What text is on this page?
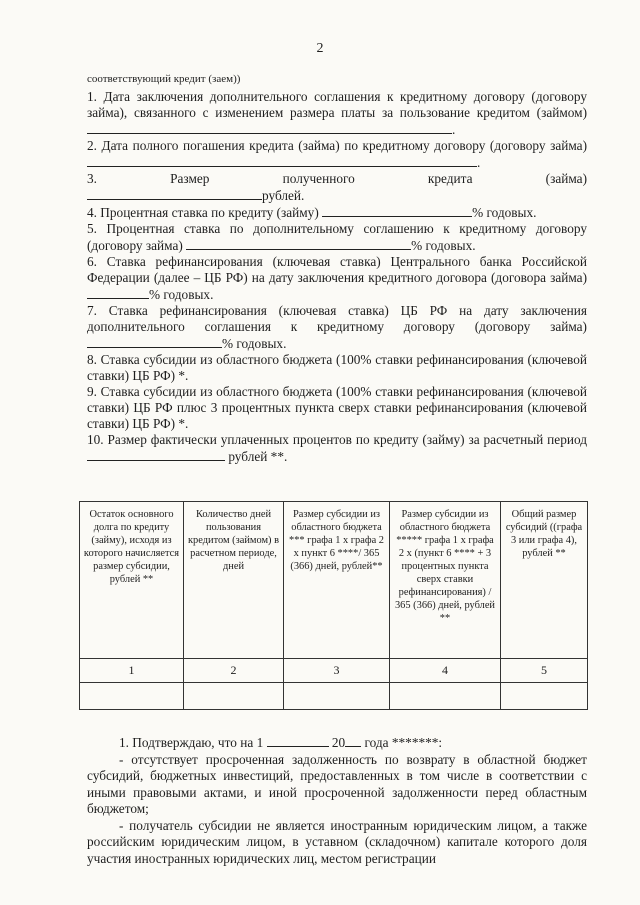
2

соответствующий кредит (заем))

1. Дата заключения дополнительного соглашения к кредитному договору (договору займа), связанного с изменением размера платы за пользование кредитом (займом) .

2. Дата полного погашения кредита (займа) по кредитному договору (договору займа) .

3. Размер полученного кредита (займа)

рублей.

4. Процентная ставка по кредиту (займу)	% годовых.

5. Процентная ставка по дополнительному соглашению к кредитному договору (договору займа)	% годовых.

6. Ставка рефинансирования (ключевая ставка) Центрального банка Российской Федерации (далее – ЦБ РФ) на дату заключения кредитного договора (договора займа) % годовых.

7. Ставка рефинансирования (ключевая ставка) ЦБ РФ на дату заключения дополнительного соглашения к кредитному договору (договору займа) % годовых.

8. Ставка субсидии из областного бюджета (100% ставки рефинансирования (ключевой ставки) ЦБ РФ) *.

9. Ставка субсидии из областного бюджета (100% ставки рефинансирования (ключевой ставки) ЦБ РФ плюс 3 процентных пункта сверх ставки рефинансирования (ключевой ставки) ЦБ РФ) *.

10. Размер фактически уплаченных процентов по кредиту (займу) за расчетный период  рублей **.

Остаток основного долга по кредиту (займу), исходя из которого начисляется размер субсидии, рублей **	Количество дней пользования кредитом (займом) в расчетном периоде, дней	Размер субсидии из областного бюджета *** графа 1 x графа 2 x пункт 6 ****/ 365 (366) дней, рублей**	Размер субсидии из областного бюджета ***** графа 1 x графа 2 x (пункт 6 **** + 3 процентных пункта сверх ставки рефинансирования) / 365 (366) дней, рублей **	Общий размер субсидий ((графа 3 или графа 4), рублей **
1	2	3	4	5

1. Подтверждаю, что на 1	20 года *******:

- отсутствует просроченная задолженность по возврату в областной бюджет субсидий, бюджетных инвестиций, предоставленных в том числе в соответствии с иными правовыми актами, и иной просроченной задолженности перед областным бюджетом;

- получатель субсидии не является иностранным юридическим лицом, а также российским юридическим лицом, в уставном (складочном) капитале которого доля участия иностранных юридических лиц, местом регистрации
